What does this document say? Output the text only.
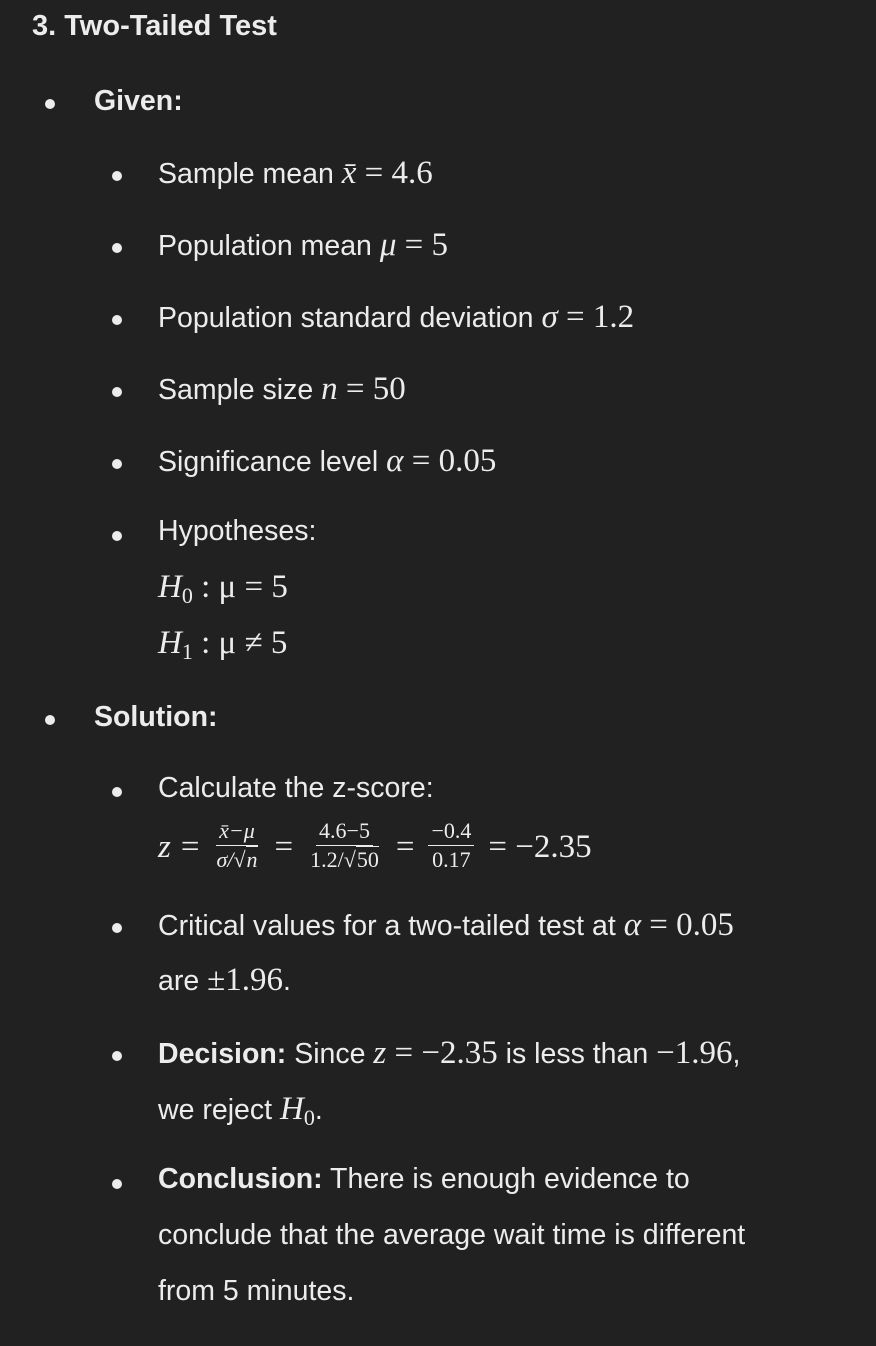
3. Two-Tailed Test
Given:
Sample mean x̄ = 4.6
Population mean μ = 5
Population standard deviation σ = 1.2
Sample size n = 50
Significance level α = 0.05
Hypotheses:
$H_0$ : μ = 5
$H_1$ : μ ≠ 5
Solution:
Calculate the z-score:
$z = \frac{x̄-\mu}{\sigma/√n} = \frac{4.6-5}{1.2/√50} = \frac{-0.4}{0.17} = -2.35$
Critical values for a two-tailed test at α = 0.05
are ±1.96.
Decision: Since z = −2.35 is less than −1.96,
we reject $H_0$.
Conclusion: There is enough evidence to
conclude that the average wait time is different
from 5 minutes.
